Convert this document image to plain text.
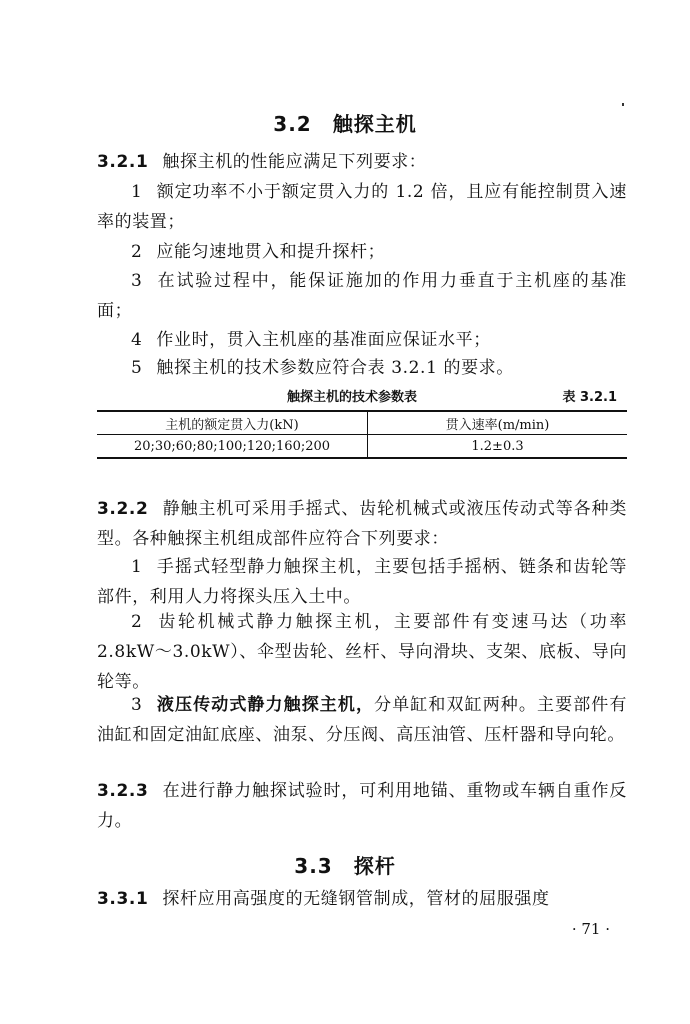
3.2　触探主机
3.2.1 触探主机的性能应满足下列要求：
1 额定功率不小于额定贯入力的 1.2 倍，且应有能控制贯入速率的装置；
2 应能匀速地贯入和提升探杆；
3 在试验过程中，能保证施加的作用力垂直于主机座的基准面；
4 作业时，贯入主机座的基准面应保证水平；
5 触探主机的技术参数应符合表 3.2.1 的要求。
触探主机的技术参数表	表 3.2.1
主机的额定贯入力(kN)	贯入速率(m/min)
20;30;60;80;100;120;160;200	1.2±0.3
3.2.2 静触主机可采用手摇式、齿轮机械式或液压传动式等各种类型。各种触探主机组成部件应符合下列要求：
1 手摇式轻型静力触探主机，主要包括手摇柄、链条和齿轮等部件，利用人力将探头压入土中。
2 齿轮机械式静力触探主机，主要部件有变速马达（功率 2.8kW～3.0kW）、伞型齿轮、丝杆、导向滑块、支架、底板、导向轮等。
3 液压传动式静力触探主机，分单缸和双缸两种。主要部件有油缸和固定油缸底座、油泵、分压阀、高压油管、压杆器和导向轮。
3.2.3 在进行静力触探试验时，可利用地锚、重物或车辆自重作反力。
3.3　探杆
3.3.1 探杆应用高强度的无缝钢管制成，管材的屈服强度
· 71 ·
